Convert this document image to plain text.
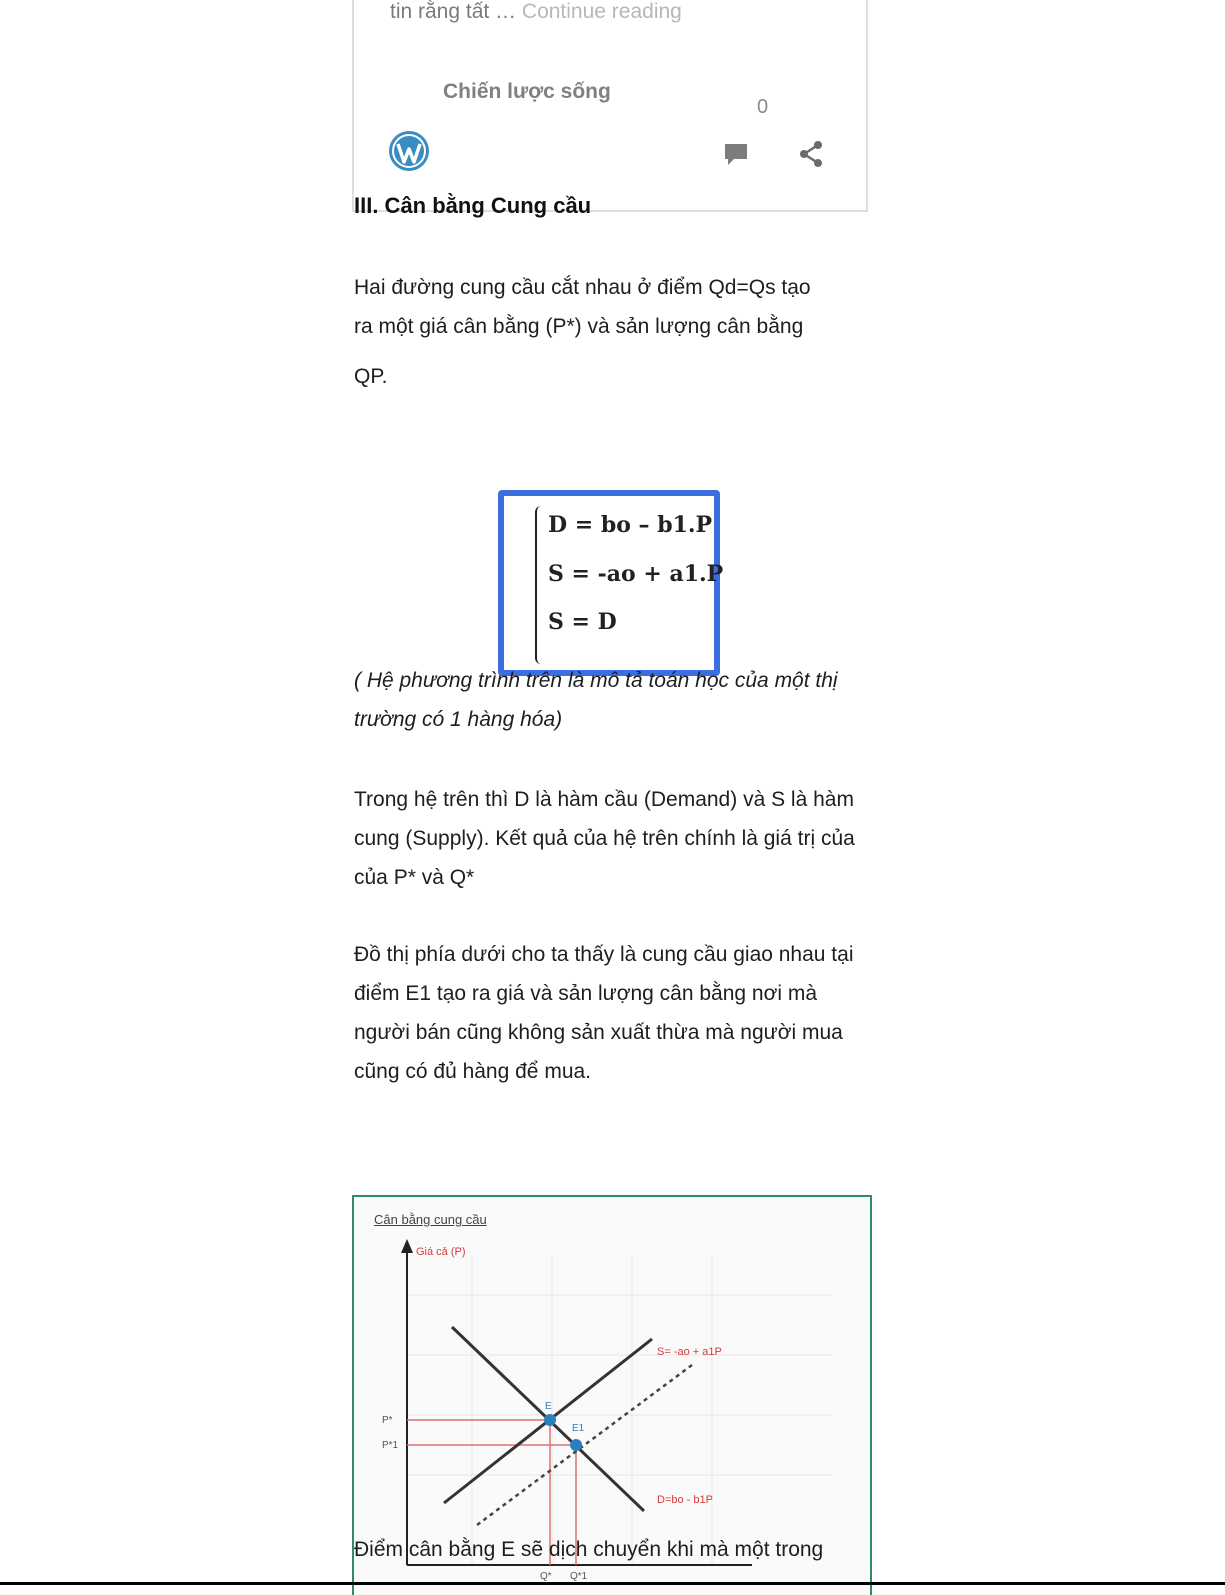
tin rằng tất … Continue reading
Chiến lược sống
0
III. Cân bằng Cung cầu
Hai đường cung cầu cắt nhau ở điểm Qd=Qs tạo
ra một giá cân bằng (P*) và sản lượng cân bằng
QP.
D = bo – b1.P
S = -ao + a1.P
S = D
( Hệ phương trình trên là mô tả toán học của một thị trường có 1 hàng hóa)
Trong hệ trên thì D là hàm cầu (Demand) và S là hàm cung (Supply). Kết quả của hệ trên chính là giá trị của của P* và Q*
Đồ thị phía dưới cho ta thấy là cung cầu giao nhau tại điểm E1 tạo ra giá và sản lượng cân bằng nơi mà người bán cũng không sản xuất thừa mà người mua cũng có đủ hàng để mua.
Cân bằng cung cầu
Giá cả (P)
S= -ao + a1P
D=bo - b1P
E
E1
P*
P*1
Q* Q*1
Điểm cân bằng E sẽ dịch chuyển khi mà một trong
